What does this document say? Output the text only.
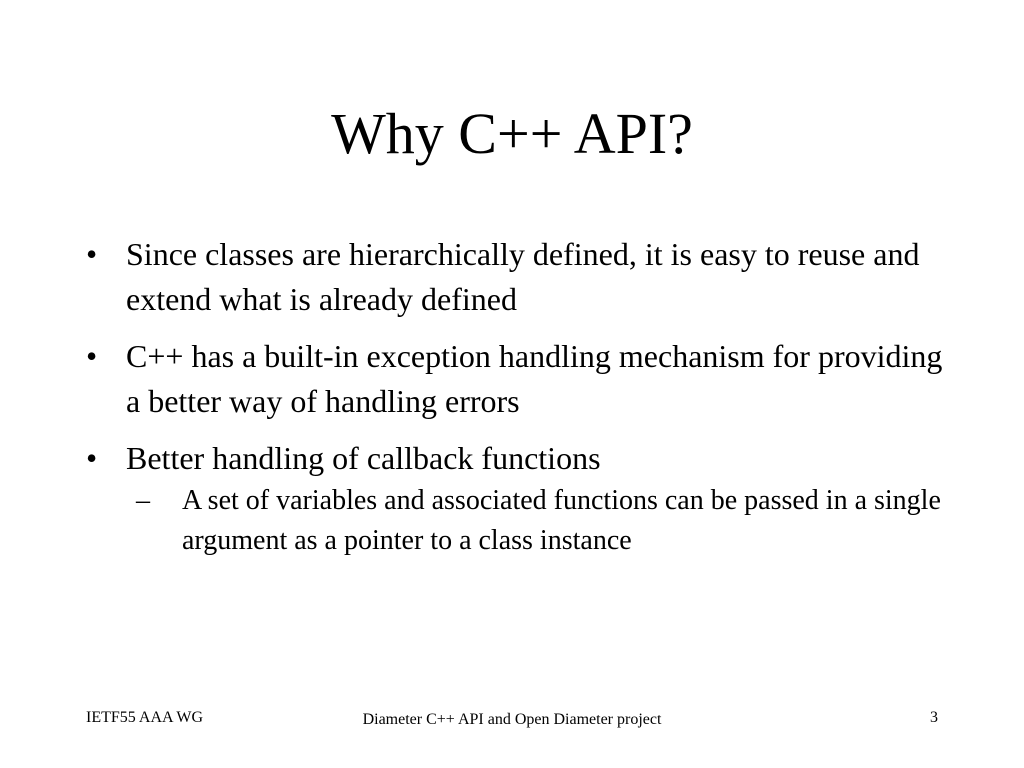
Why C++ API?
• Since classes are hierarchically defined, it is easy to reuse and extend what is already defined
• C++ has a built-in exception handling mechanism for providing a better way of handling errors
• Better handling of callback functions
–	A set of variables and associated functions can be passed in a single argument as a pointer to a class instance
IETF55 AAA WG	Diameter C++ API and Open Diameter project	3
